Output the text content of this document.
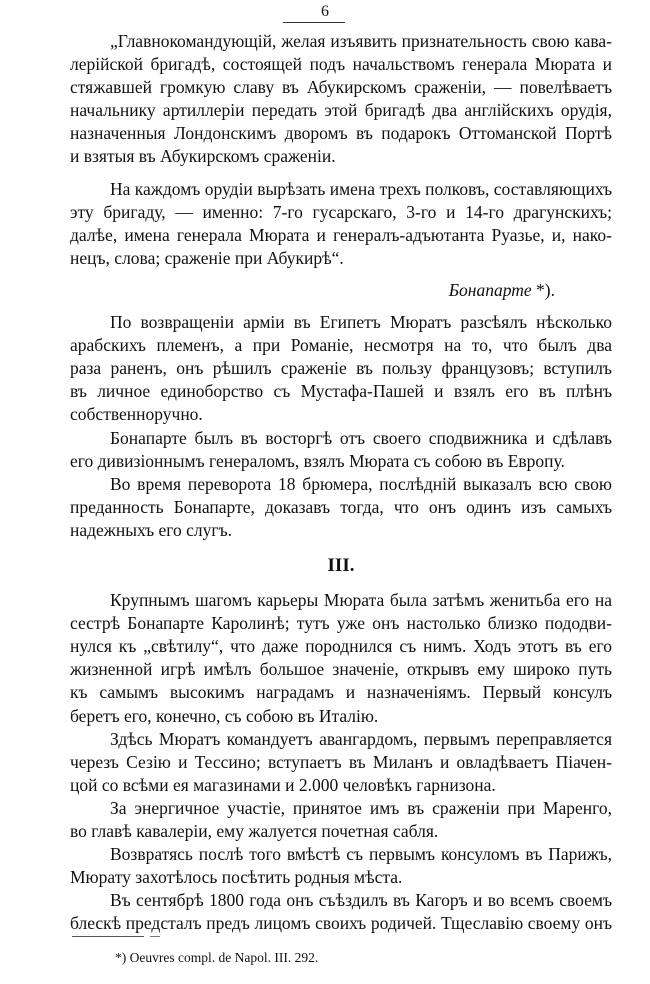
6
„Главнокомандующій, желая изъявить признательность свою кава-
лерійской бригадѣ, состоящей подъ начальствомъ генерала Мюрата и
стяжавшей громкую славу въ Абукирскомъ сраженіи, — повелѣваетъ
начальнику артиллеріи передать этой бригадѣ два англійскихъ орудія,
назначенныя Лондонскимъ дворомъ въ подарокъ Оттоманской Портѣ
и взятыя въ Абукирскомъ сраженіи.
На каждомъ орудіи вырѣзать имена трехъ полковъ, составляющихъ
эту бригаду, — именно: 7-го гусарскаго, 3-го и 14-го драгунскихъ;
далѣе, имена генерала Мюрата и генералъ-адъютанта Руазье, и, нако-
нецъ, слова; сраженіе при Абукирѣ“.
Бонапарте *).
По возвращеніи арміи въ Египетъ Мюратъ разсѣялъ нѣсколько
арабскихъ племенъ, а при Романіе, несмотря на то, что былъ два
раза раненъ, онъ рѣшилъ сраженіе въ пользу французовъ; вступилъ
въ личное единоборство съ Мустафа-Пашей и взялъ его въ плѣнъ
собственноручно.
Бонапарте былъ въ восторгѣ отъ своего сподвижника и сдѣлавъ
его дивизіоннымъ генераломъ, взялъ Мюрата съ собою въ Европу.
Во время переворота 18 брюмера, послѣдній выказалъ всю свою
преданность Бонапарте, доказавъ тогда, что онъ одинъ изъ самыхъ
надежныхъ его слугъ.
III.
Крупнымъ шагомъ карьеры Мюрата была затѣмъ женитьба его на
сестрѣ Бонапарте Каролинѣ; тутъ уже онъ настолько близко пододви-
нулся къ „свѣтилу“, что даже породнился съ нимъ. Ходъ этотъ въ его
жизненной игрѣ имѣлъ большое значеніе, открывъ ему широко путь
къ самымъ высокимъ наградамъ и назначеніямъ. Первый консулъ
беретъ его, конечно, съ собою въ Италію.
Здѣсь Мюратъ командуетъ авангардомъ, первымъ переправляется
черезъ Сезію и Тессино; вступаетъ въ Миланъ и овладѣваетъ Піачен-
цой со всѣми ея магазинами и 2.000 человѣкъ гарнизона.
За энергичное участіе, принятое имъ въ сраженіи при Маренго,
во главѣ кавалеріи, ему жалуется почетная сабля.
Возвратясь послѣ того вмѣстѣ съ первымъ консуломъ въ Парижъ,
Мюрату захотѣлось посѣтить родныя мѣста.
Въ сентябрѣ 1800 года онъ съѣздилъ въ Кагоръ и во всемъ своемъ
блескѣ предсталъ предъ лицомъ своихъ родичей. Тщеславію своему онъ
*) Oeuvres compl. de Napol. III. 292.
